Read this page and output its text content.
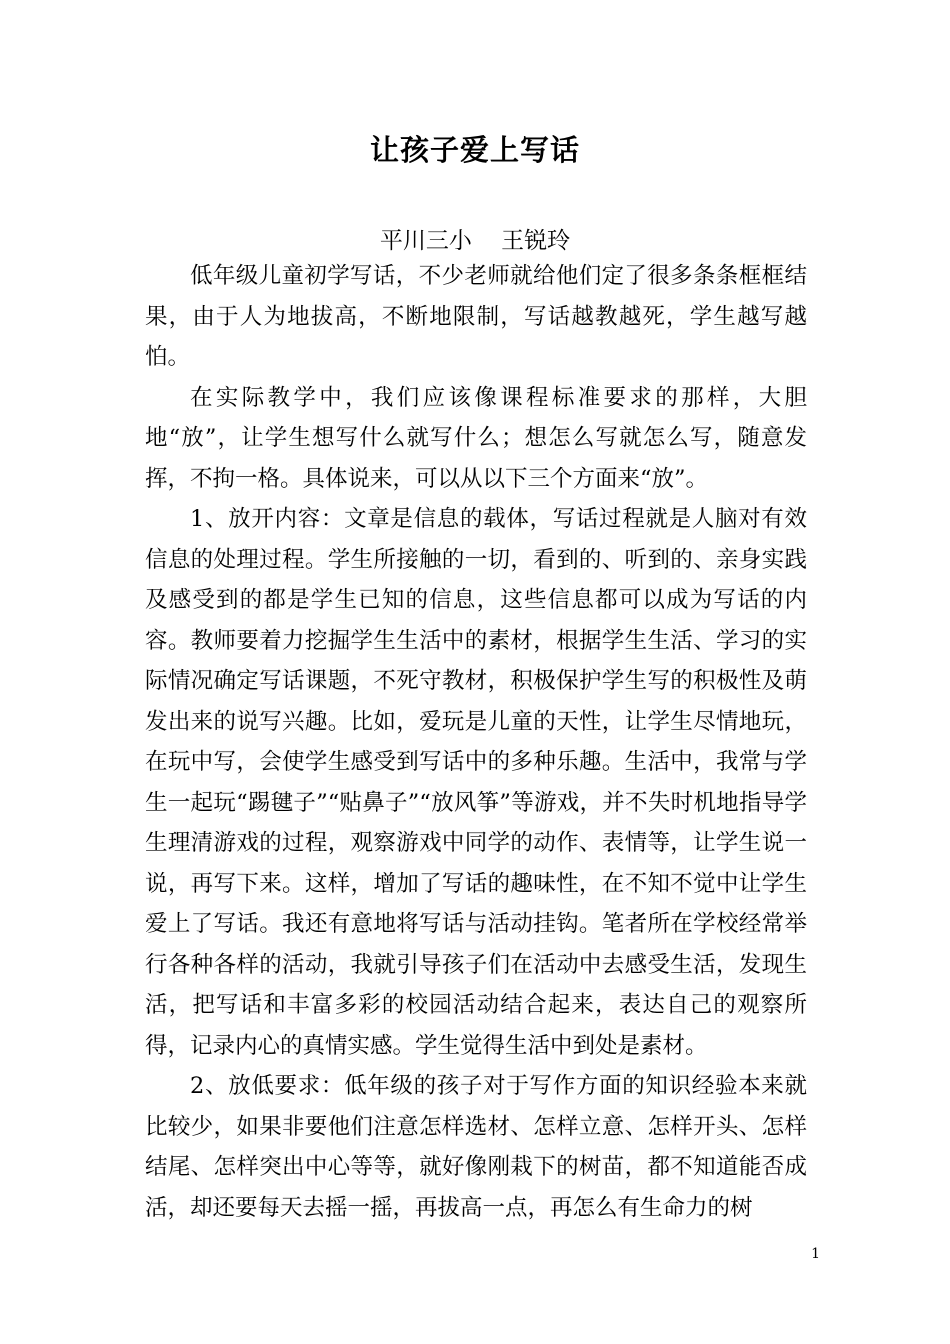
让孩子爱上写话

平川三小    王锐玲

低年级儿童初学写话，不少老师就给他们定了很多条条框框结果，由于人为地拔高，不断地限制，写话越教越死，学生越写越怕。

在实际教学中，我们应该像课程标准要求的那样，大胆地“放”，让学生想写什么就写什么；想怎么写就怎么写，随意发挥，不拘一格。具体说来，可以从以下三个方面来“放”。

1、放开内容：文章是信息的载体，写话过程就是人脑对有效信息的处理过程。学生所接触的一切，看到的、听到的、亲身实践及感受到的都是学生已知的信息，这些信息都可以成为写话的内容。教师要着力挖掘学生生活中的素材，根据学生生活、学习的实际情况确定写话课题，不死守教材，积极保护学生写的积极性及萌发出来的说写兴趣。比如，爱玩是儿童的天性，让学生尽情地玩，在玩中写，会使学生感受到写话中的多种乐趣。生活中，我常与学生一起玩“踢毽子”“贴鼻子”“放风筝”等游戏，并不失时机地指导学生理清游戏的过程，观察游戏中同学的动作、表情等，让学生说一说，再写下来。这样，增加了写话的趣味性，在不知不觉中让学生爱上了写话。我还有意地将写话与活动挂钩。笔者所在学校经常举行各种各样的活动，我就引导孩子们在活动中去感受生活，发现生活，把写话和丰富多彩的校园活动结合起来，表达自己的观察所得，记录内心的真情实感。学生觉得生活中到处是素材。

2、放低要求：低年级的孩子对于写作方面的知识经验本来就比较少，如果非要他们注意怎样选材、怎样立意、怎样开头、怎样结尾、怎样突出中心等等，就好像刚栽下的树苗，都不知道能否成活，却还要每天去摇一摇，再拔高一点，再怎么有生命力的树

1
